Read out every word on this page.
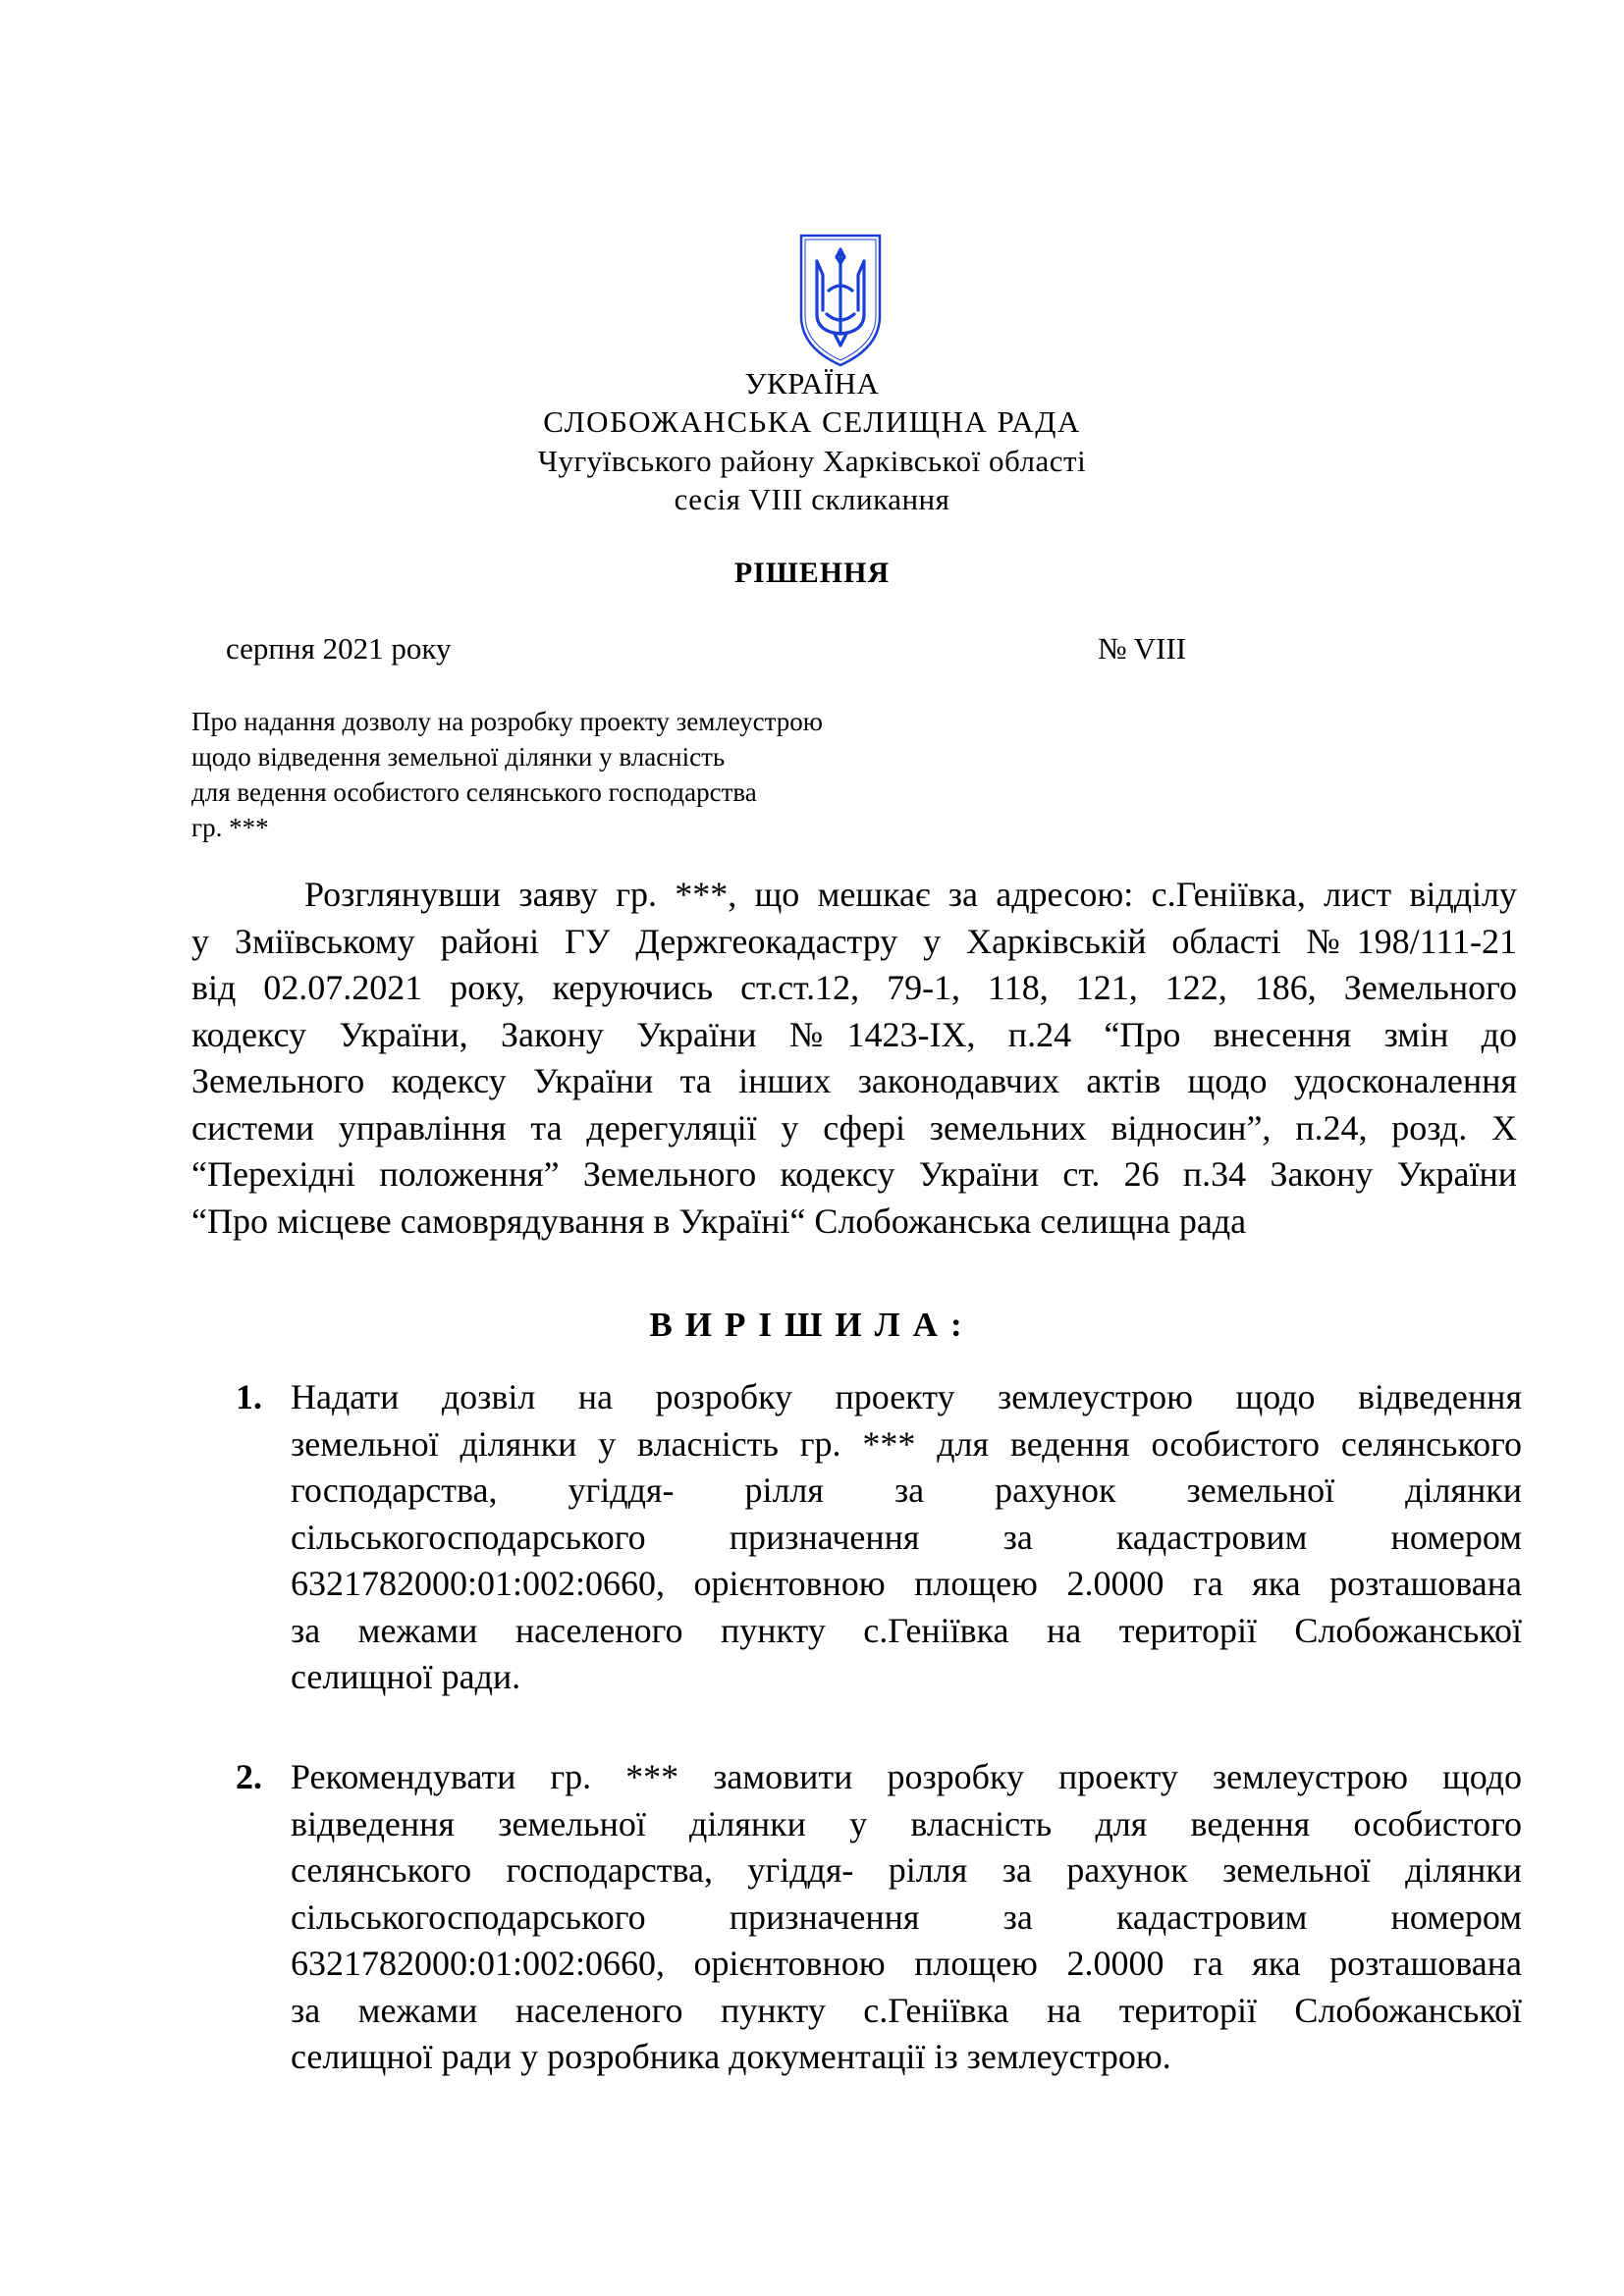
УКРАЇНА
СЛОБОЖАНСЬКА СЕЛИЩНА РАДА
Чугуївського району Харківської області
сесія VIII скликання
РІШЕННЯ
серпня 2021 року	№ VIII
Про надання дозволу на розробку проекту землеустрою
щодо відведення земельної ділянки у власність
для ведення особистого селянського господарства
гр. ***
Розглянувши заяву гр. ***, що мешкає за адресою: с.Геніївка, лист відділу
у Зміївському районі ГУ Держгеокадастру у Харківській області №198/111-21
від 02.07.2021 року, керуючись ст.ст.12, 79-1, 118, 121, 122, 186, Земельного
кодексу України, Закону України №1423-IX, п.24 “Про внесення змін до
Земельного кодексу України та інших законодавчих актів щодо удосконалення
системи управління та дерегуляції у сфері земельних відносин”, п.24, розд. Х
“Перехідні положення” Земельного кодексу України ст. 26 п.34 Закону України
“Про місцеве самоврядування в Україні“ Слобожанська селищна рада
ВИРІШИЛА:
1. Надати дозвіл на розробку проекту землеустрою щодо відведення
земельної ділянки у власність гр. *** для ведення особистого селянського
господарства, угіддя- рілля за рахунок земельної ділянки
сільськогосподарського призначення за кадастровим номером
6321782000:01:002:0660, орієнтовною площею 2.0000 га яка розташована
за межами населеного пункту с.Геніївка на території Слобожанської
селищної ради.
2. Рекомендувати гр. *** замовити розробку проекту землеустрою щодо
відведення земельної ділянки у власність для ведення особистого
селянського господарства, угіддя- рілля за рахунок земельної ділянки
сільськогосподарського призначення за кадастровим номером
6321782000:01:002:0660, орієнтовною площею 2.0000 га яка розташована
за межами населеного пункту с.Геніївка на території Слобожанської
селищної ради у розробника документації із землеустрою.
